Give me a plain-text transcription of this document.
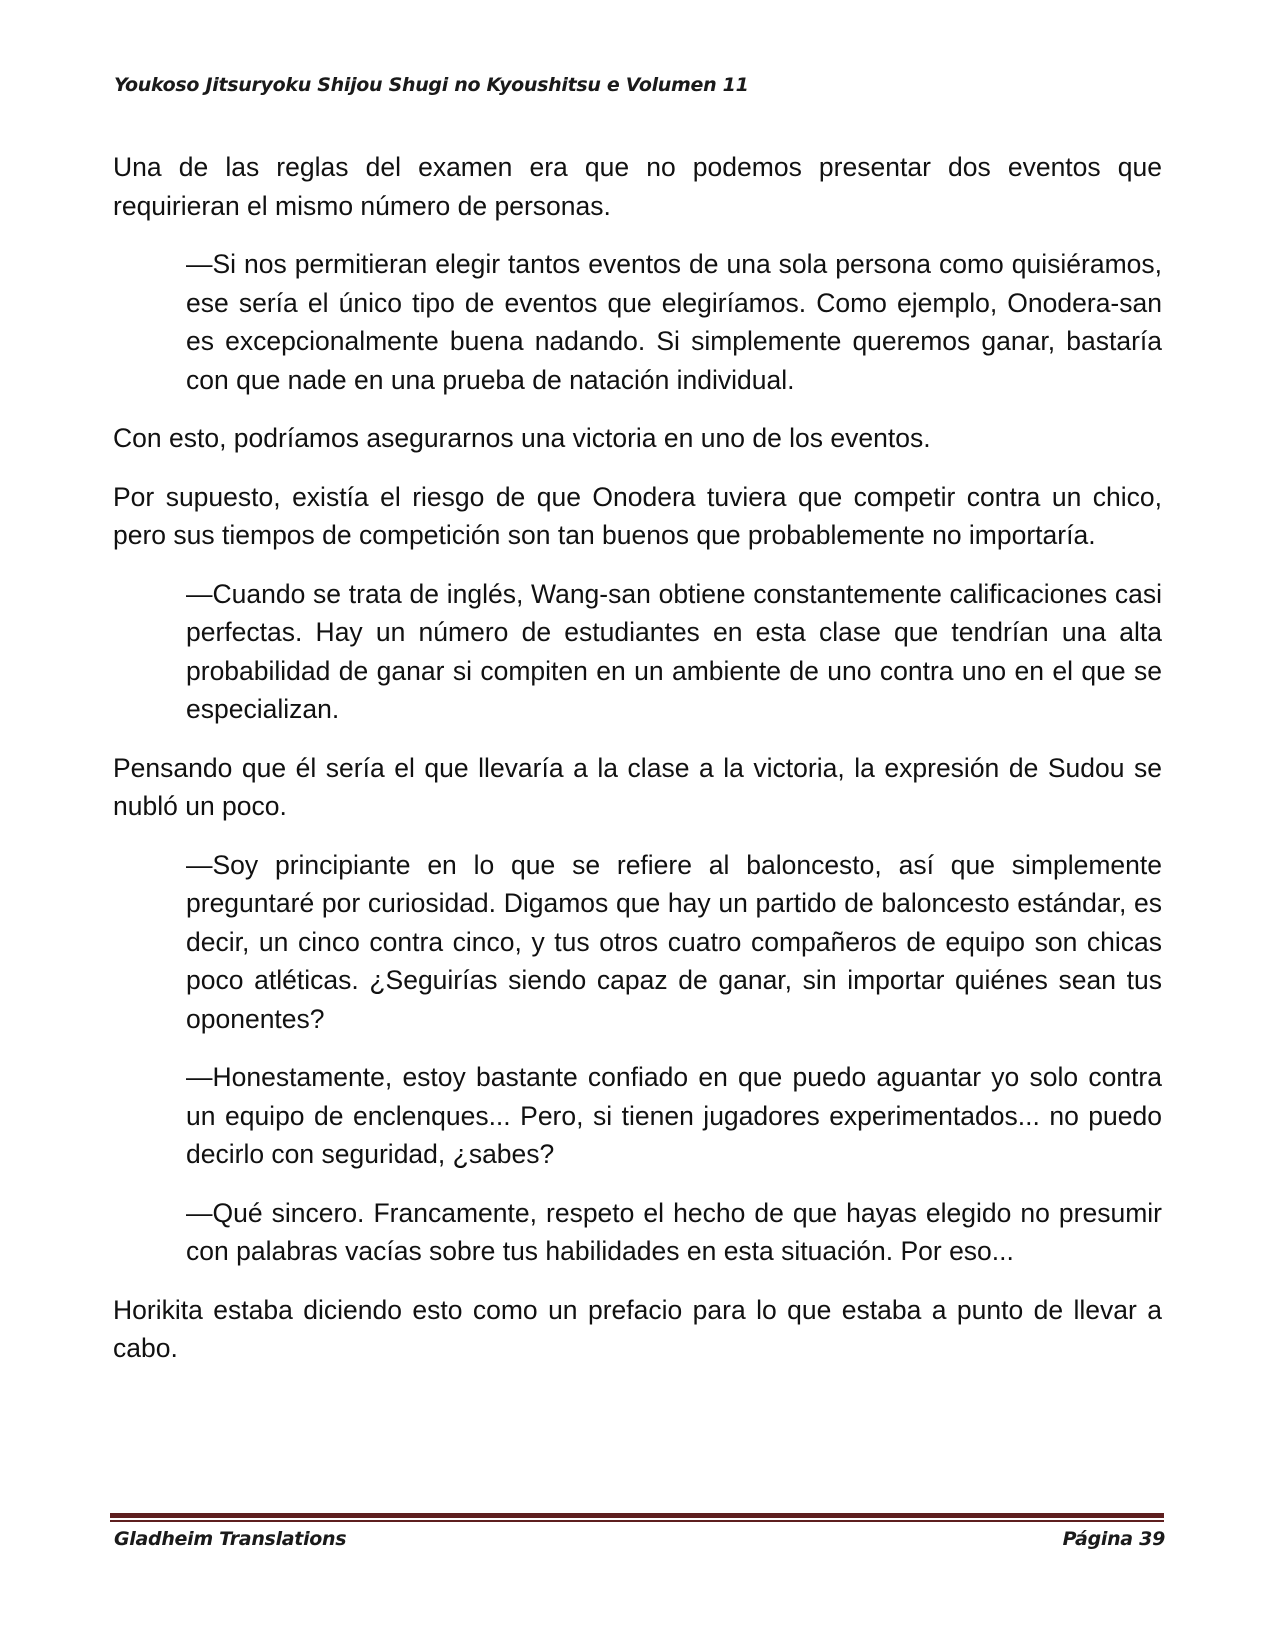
Youkoso Jitsuryoku Shijou Shugi no Kyoushitsu e Volumen 11

Una de las reglas del examen era que no podemos presentar dos eventos que requirieran el mismo número de personas.

—Si nos permitieran elegir tantos eventos de una sola persona como quisiéramos, ese sería el único tipo de eventos que elegiríamos. Como ejemplo, Onodera-san es excepcionalmente buena nadando. Si simplemente queremos ganar, bastaría con que nade en una prueba de natación individual.

Con esto, podríamos asegurarnos una victoria en uno de los eventos.

Por supuesto, existía el riesgo de que Onodera tuviera que competir contra un chico, pero sus tiempos de competición son tan buenos que probablemente no importaría.

—Cuando se trata de inglés, Wang-san obtiene constantemente calificaciones casi perfectas. Hay un número de estudiantes en esta clase que tendrían una alta probabilidad de ganar si compiten en un ambiente de uno contra uno en el que se especializan.

Pensando que él sería el que llevaría a la clase a la victoria, la expresión de Sudou se nubló un poco.

—Soy principiante en lo que se refiere al baloncesto, así que simplemente preguntaré por curiosidad. Digamos que hay un partido de baloncesto estándar, es decir, un cinco contra cinco, y tus otros cuatro compañeros de equipo son chicas poco atléticas. ¿Seguirías siendo capaz de ganar, sin importar quiénes sean tus oponentes?

—Honestamente, estoy bastante confiado en que puedo aguantar yo solo contra un equipo de enclenques... Pero, si tienen jugadores experimentados... no puedo decirlo con seguridad, ¿sabes?

—Qué sincero. Francamente, respeto el hecho de que hayas elegido no presumir con palabras vacías sobre tus habilidades en esta situación. Por eso...

Horikita estaba diciendo esto como un prefacio para lo que estaba a punto de llevar a cabo.

Gladheim Translations	Página 39
